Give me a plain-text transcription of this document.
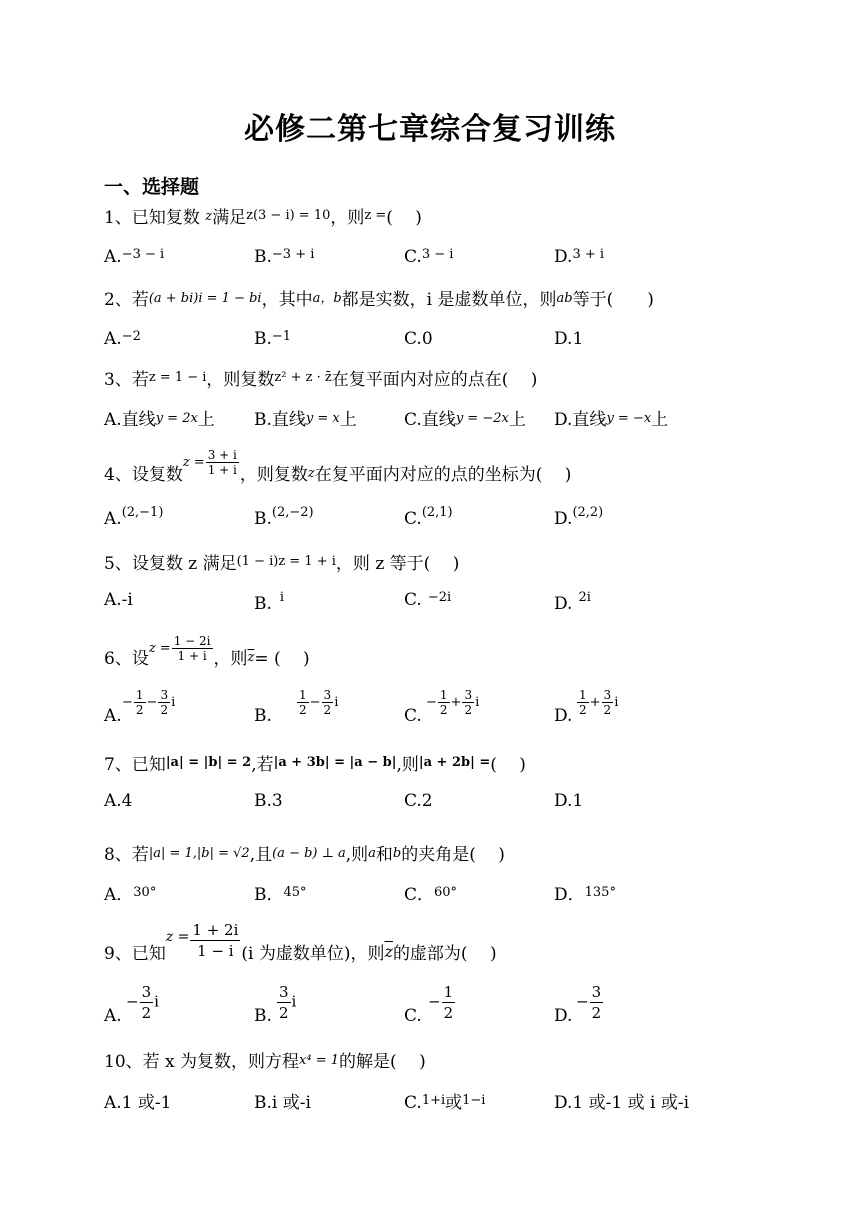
必修二第七章综合复习训练
一、选择题
1、已知复数 z满足$^{z(3 - i) = 10}$，则$^{z =}$(　 )
A.$^{-3 - i}$	B.$^{-3 + i}$	C.$^{3 - i}$	D.$^{3 + i}$
2、若(a + bi)i = 1 − bi，其中a，b都是实数，i 是虚数单位，则ab等于(　　)
A.$^{-2}$	B.$^{-1}$	C.0	D.1
3、若$^{z = 1 - i}$，则复数$^{z^2 + z \cdot z̄}$在复平面内对应的点在(　 )
A.直线y = 2x上 B.直线y = x上	C.直线y = −2x上 D.直线y = −x上
4、设复数$^{z =} \frac{3 + i}{1 + i}$ ，则复数z在复平面内对应的点的坐标为(　 )
A.$^{(2,-1)}$	B.$^{(2,-2)}$	C.$^{(2,1)}$	D.$^{(2,2)}$
5、设复数 z 满足$^{(1 - i)z = 1 + i}$，则 z 等于(　 )
A.-i	B. $^i$	C. $^{-2i}$	D. $^{2i}$
6、设$^{z =} \frac{1 - 2i}{1 + i}$ ，则$\overline{z}=$ (　 )
A.
− $\frac{1}{2} - \frac{3}{2}$ i
B. $\frac{1}{2} - \frac{3}{2}$ i
C.
− $\frac{1}{2} + \frac{3}{2}$ i
D. $\frac{1}{2} + \frac{3}{2}$ i
7、已知$^{|a| = |b| = 2}$,若$^{|a + 3b| = |a - b|}$,则$^{|a + 2b| =}$(　 )
A.4	B.3	C.2	D.1
8、若|a| = 1,|b| = √2,且(a − b) ⊥ a,则a和b的夹角是(　 )
A．$^{30^\circ}$	B．$^{45^\circ}$	C．$^{60^\circ}$	D．$^{135^\circ}$
9、已知$^{z =} \frac{1 + 2i}{1 - i} (i$ 为虚数单位)，则$\overline{z}$的虚部为(　 )
A.
− $\frac{3}{2}$ i
B. $\frac{3}{2}$ i
C.
− $\frac{1}{2}$	D.
− $\frac{3}{2}$
10、若 x 为复数，则方程x⁴ = 1的解是(　 )
A.1 或-1	B.i 或-i	C.$^{1+i}$或$^{1-i}$	D.1 或-1 或 i 或-i
